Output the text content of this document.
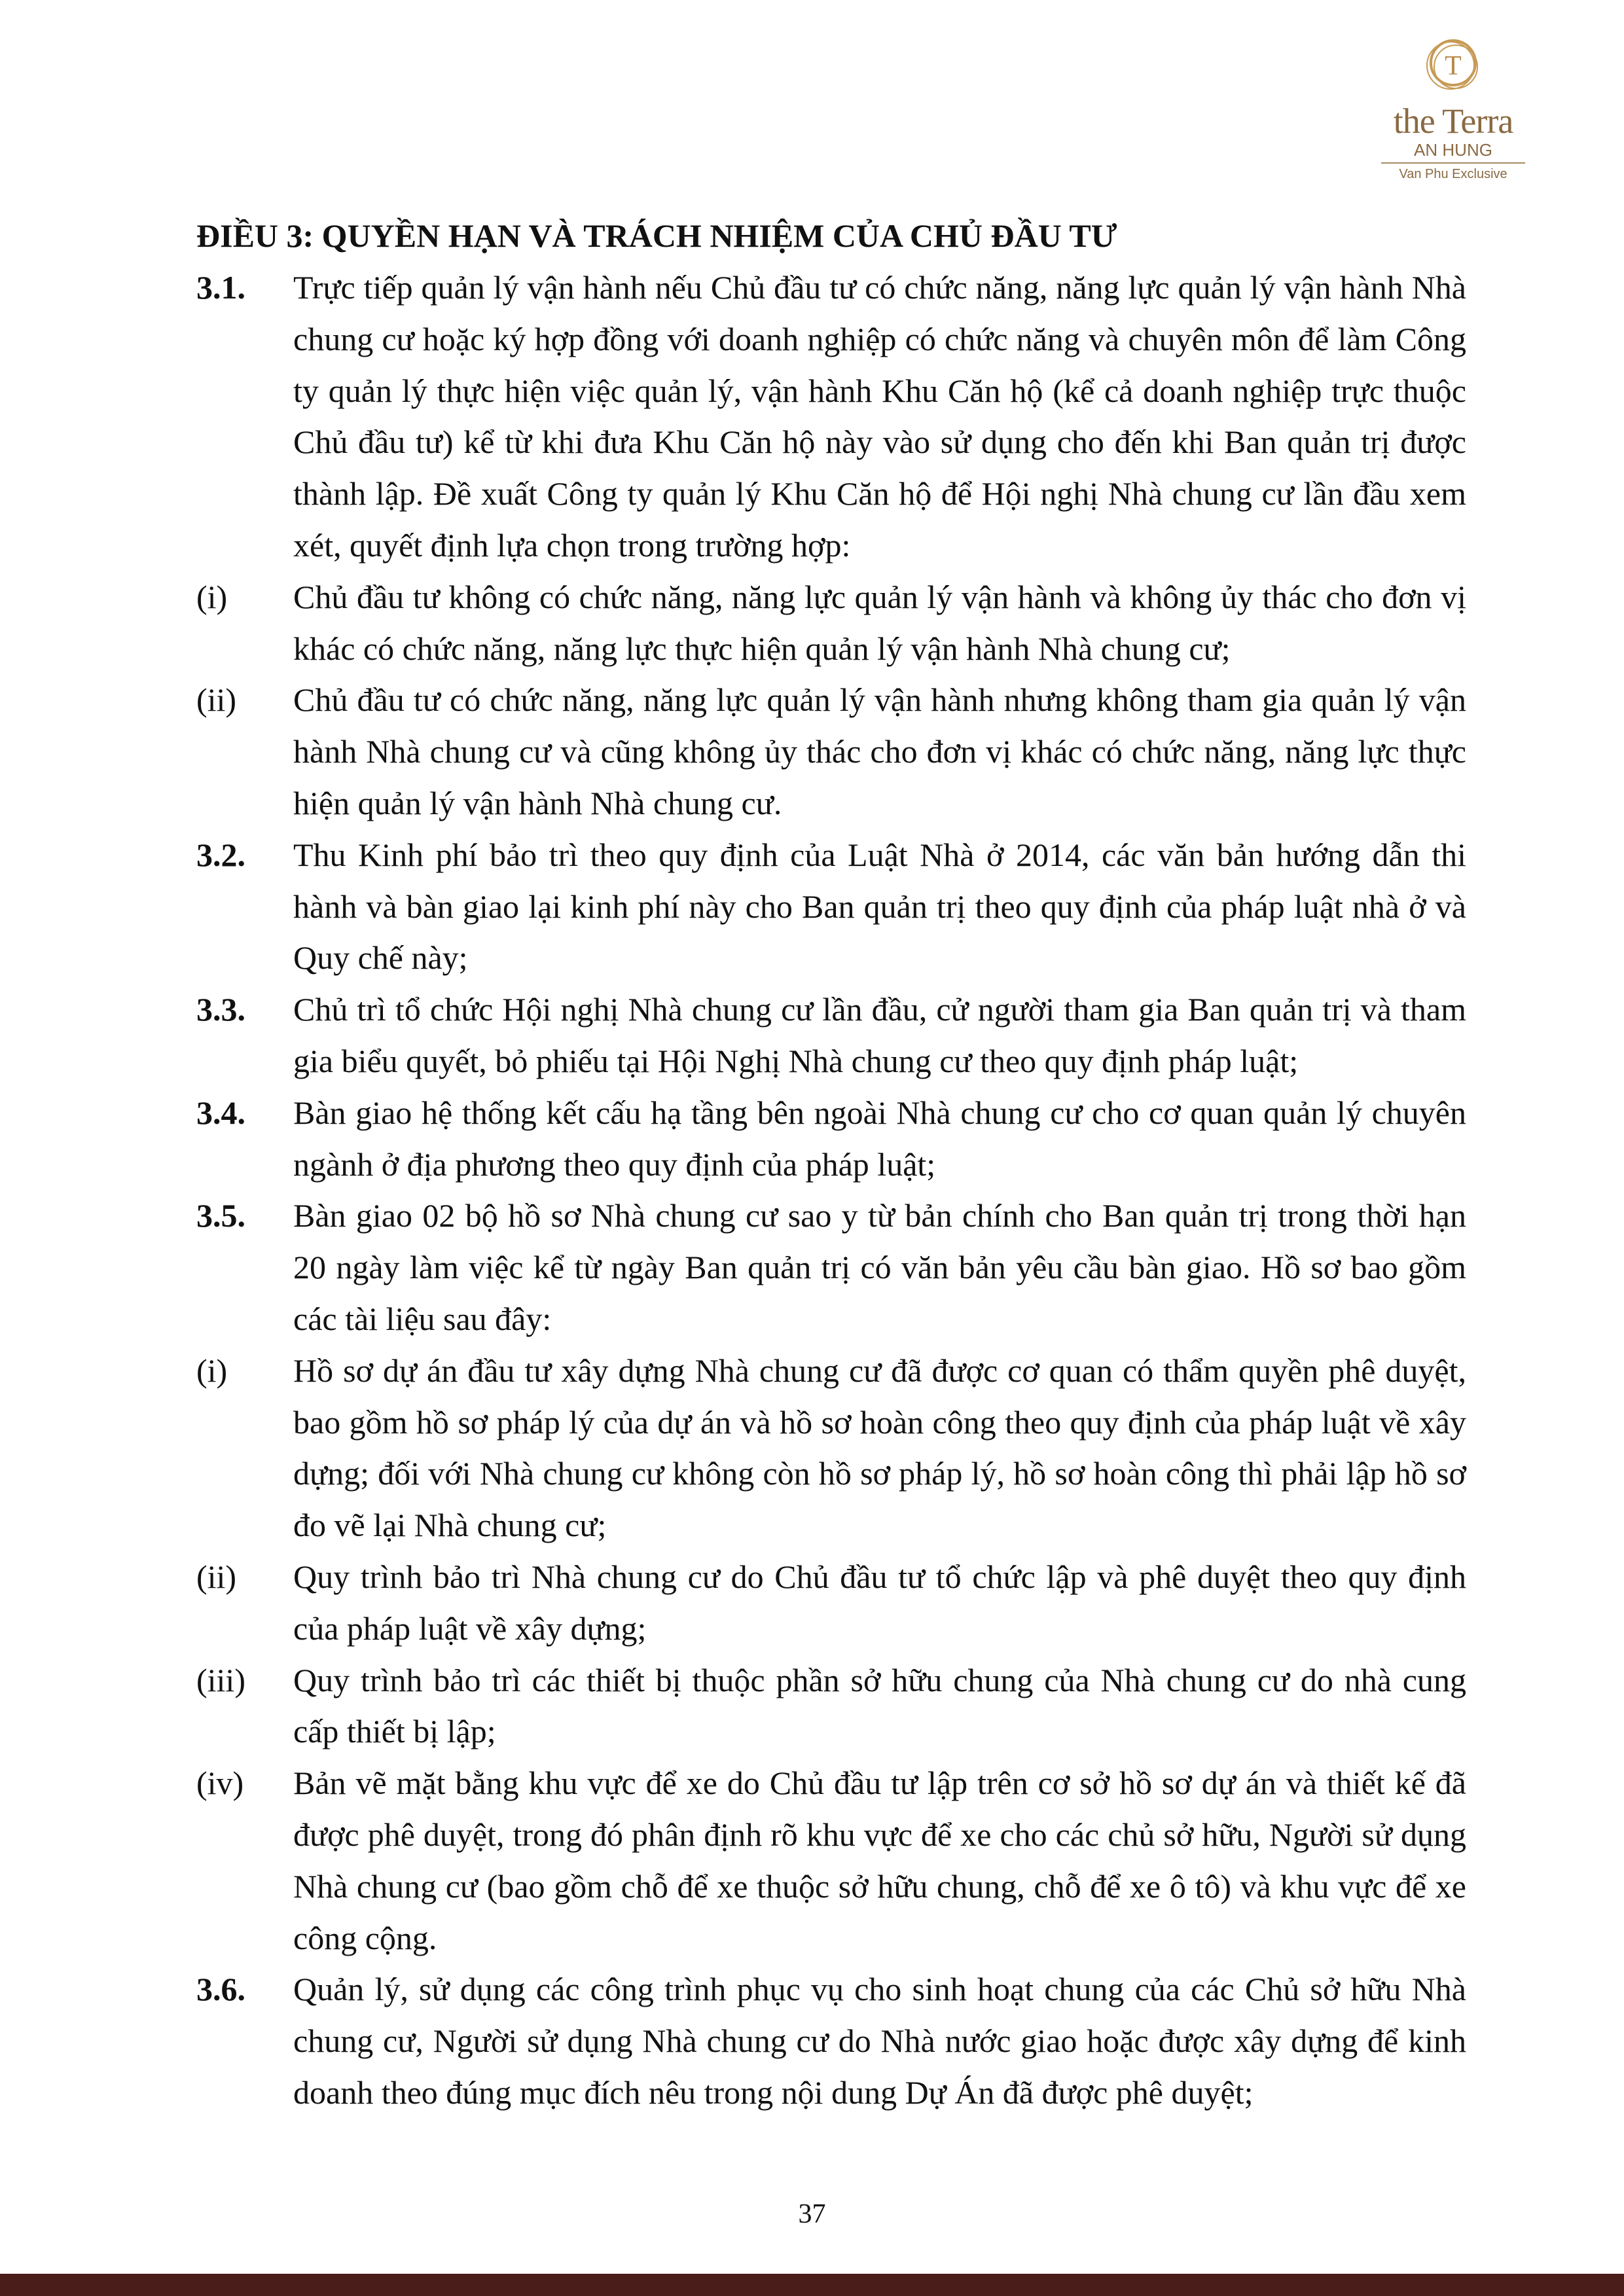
T
the Terra
AN HUNG
Van Phu Exclusive
ĐIỀU 3: QUYỀN HẠN VÀ TRÁCH NHIỆM CỦA CHỦ ĐẦU TƯ
3.1. Trực tiếp quản lý vận hành nếu Chủ đầu tư có chức năng, năng lực quản lý vận hành Nhà chung cư hoặc ký hợp đồng với doanh nghiệp có chức năng và chuyên môn để làm Công ty quản lý thực hiện việc quản lý, vận hành Khu Căn hộ (kể cả doanh nghiệp trực thuộc Chủ đầu tư) kể từ khi đưa Khu Căn hộ này vào sử dụng cho đến khi Ban quản trị được thành lập. Đề xuất Công ty quản lý Khu Căn hộ để Hội nghị Nhà chung cư lần đầu xem xét, quyết định lựa chọn trong trường hợp:
(i) Chủ đầu tư không có chức năng, năng lực quản lý vận hành và không ủy thác cho đơn vị khác có chức năng, năng lực thực hiện quản lý vận hành Nhà chung cư;
(ii) Chủ đầu tư có chức năng, năng lực quản lý vận hành nhưng không tham gia quản lý vận hành Nhà chung cư và cũng không ủy thác cho đơn vị khác có chức năng, năng lực thực hiện quản lý vận hành Nhà chung cư.
3.2. Thu Kinh phí bảo trì theo quy định của Luật Nhà ở 2014, các văn bản hướng dẫn thi hành và bàn giao lại kinh phí này cho Ban quản trị theo quy định của pháp luật nhà ở và Quy chế này;
3.3. Chủ trì tổ chức Hội nghị Nhà chung cư lần đầu, cử người tham gia Ban quản trị và tham gia biểu quyết, bỏ phiếu tại Hội Nghị Nhà chung cư theo quy định pháp luật;
3.4. Bàn giao hệ thống kết cấu hạ tầng bên ngoài Nhà chung cư cho cơ quan quản lý chuyên ngành ở địa phương theo quy định của pháp luật;
3.5. Bàn giao 02 bộ hồ sơ Nhà chung cư sao y từ bản chính cho Ban quản trị trong thời hạn 20 ngày làm việc kể từ ngày Ban quản trị có văn bản yêu cầu bàn giao. Hồ sơ bao gồm các tài liệu sau đây:
(i) Hồ sơ dự án đầu tư xây dựng Nhà chung cư đã được cơ quan có thẩm quyền phê duyệt, bao gồm hồ sơ pháp lý của dự án và hồ sơ hoàn công theo quy định của pháp luật về xây dựng; đối với Nhà chung cư không còn hồ sơ pháp lý, hồ sơ hoàn công thì phải lập hồ sơ đo vẽ lại Nhà chung cư;
(ii) Quy trình bảo trì Nhà chung cư do Chủ đầu tư tổ chức lập và phê duyệt theo quy định của pháp luật về xây dựng;
(iii) Quy trình bảo trì các thiết bị thuộc phần sở hữu chung của Nhà chung cư do nhà cung cấp thiết bị lập;
(iv) Bản vẽ mặt bằng khu vực để xe do Chủ đầu tư lập trên cơ sở hồ sơ dự án và thiết kế đã được phê duyệt, trong đó phân định rõ khu vực để xe cho các chủ sở hữu, Người sử dụng Nhà chung cư (bao gồm chỗ để xe thuộc sở hữu chung, chỗ để xe ô tô) và khu vực để xe công cộng.
3.6. Quản lý, sử dụng các công trình phục vụ cho sinh hoạt chung của các Chủ sở hữu Nhà chung cư, Người sử dụng Nhà chung cư do Nhà nước giao hoặc được xây dựng để kinh doanh theo đúng mục đích nêu trong nội dung Dự Án đã được phê duyệt;
37
